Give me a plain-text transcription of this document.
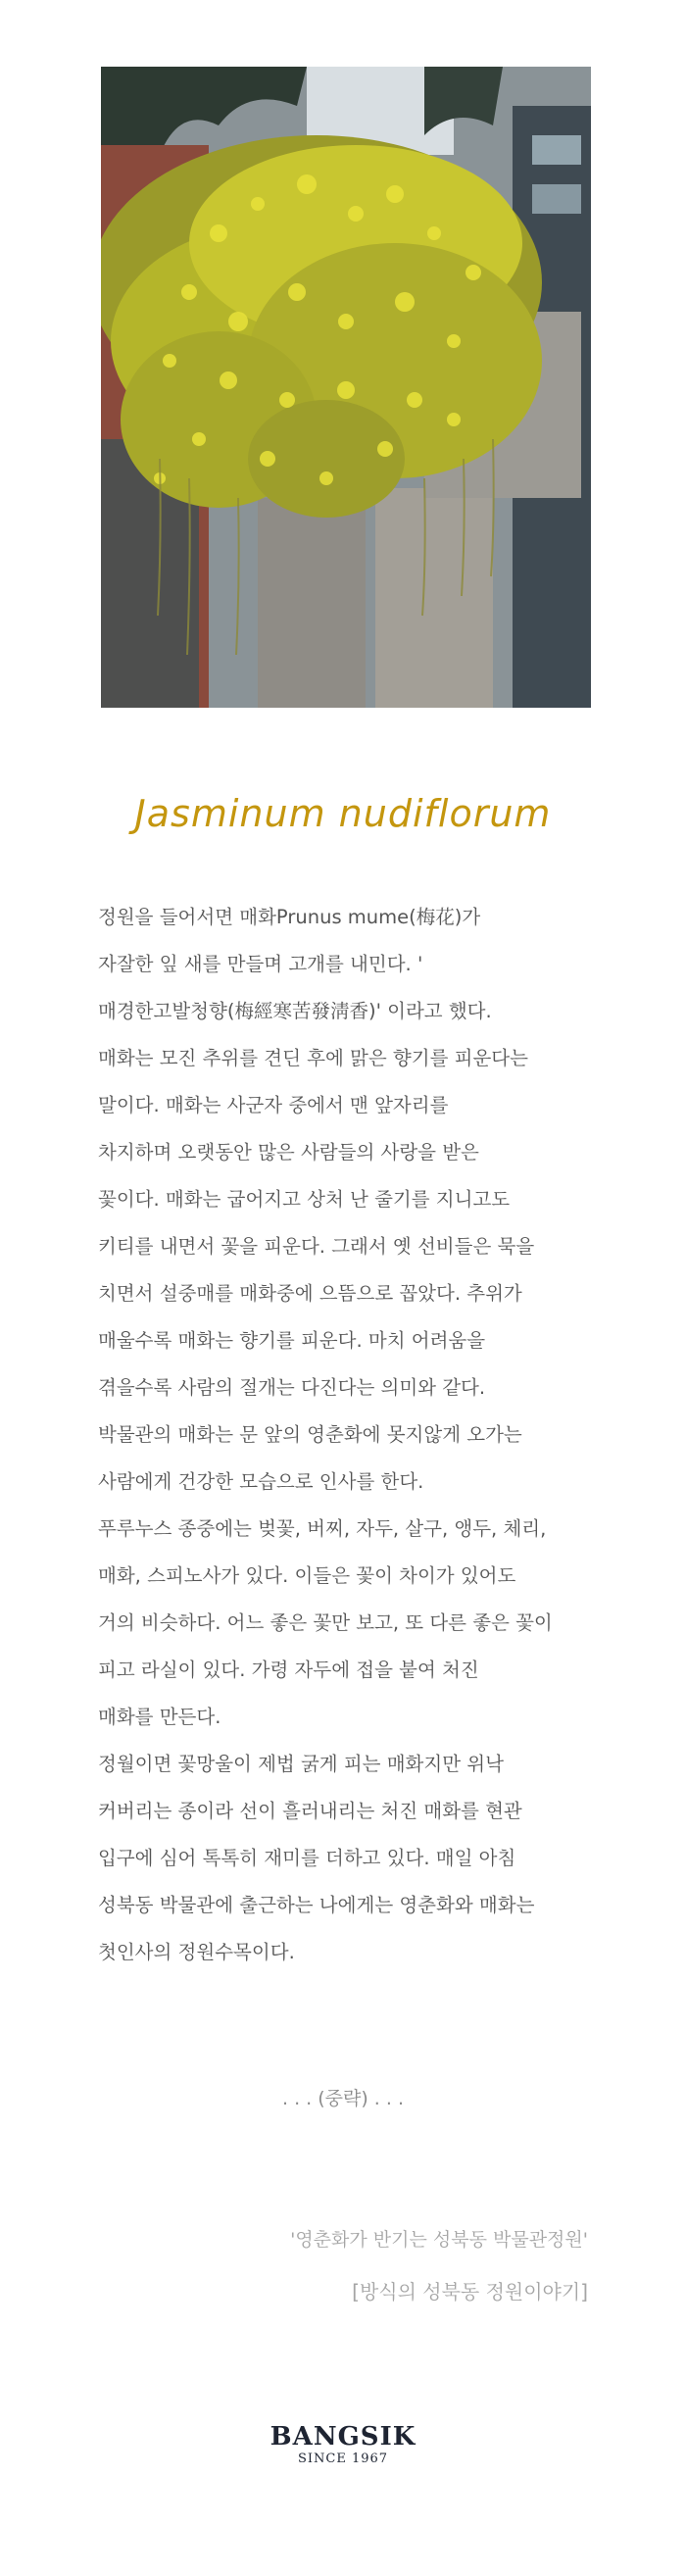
Jasminum nudiflorum

정원을 들어서면 매화Prunus mume(梅花)가
자잘한 잎 새를 만들며 고개를 내민다. '
매경한고발청향(梅經寒苦發淸香)' 이라고 했다.
매화는 모진 추위를 견딘 후에 맑은 향기를 피운다는
말이다. 매화는 사군자 중에서 맨 앞자리를
차지하며 오랫동안 많은 사람들의 사랑을 받은
꽃이다. 매화는 굽어지고 상처 난 줄기를 지니고도
키티를 내면서 꽃을 피운다. 그래서 옛 선비들은 묵을
치면서 설중매를 매화중에 으뜸으로 꼽았다. 추위가
매울수록 매화는 향기를 피운다. 마치 어려움을
겪을수록 사람의 절개는 다진다는 의미와 같다.
박물관의 매화는 문 앞의 영춘화에 못지않게 오가는
사람에게 건강한 모습으로 인사를 한다.

푸루누스 종중에는 벚꽃, 버찌, 자두, 살구, 앵두, 체리,
매화, 스피노사가 있다. 이들은 꽃이 차이가 있어도
거의 비슷하다. 어느 좋은 꽃만 보고, 또 다른 좋은 꽃이
피고 라실이 있다. 가령 자두에 접을 붙여 처진
매화를 만든다.

정월이면 꽃망울이 제법 굵게 피는 매화지만 위낙
커버리는 종이라 선이 흘러내리는 처진 매화를 현관
입구에 심어 톡톡히 재미를 더하고 있다. 매일 아침
성북동 박물관에 출근하는 나에게는 영춘화와 매화는
첫인사의 정원수목이다.

. . . (중략) . . .
'영춘화가 반기는 성북동 박물관정원'
[방식의 성북동 정원이야기]
BANGSIK
SINCE 1967
